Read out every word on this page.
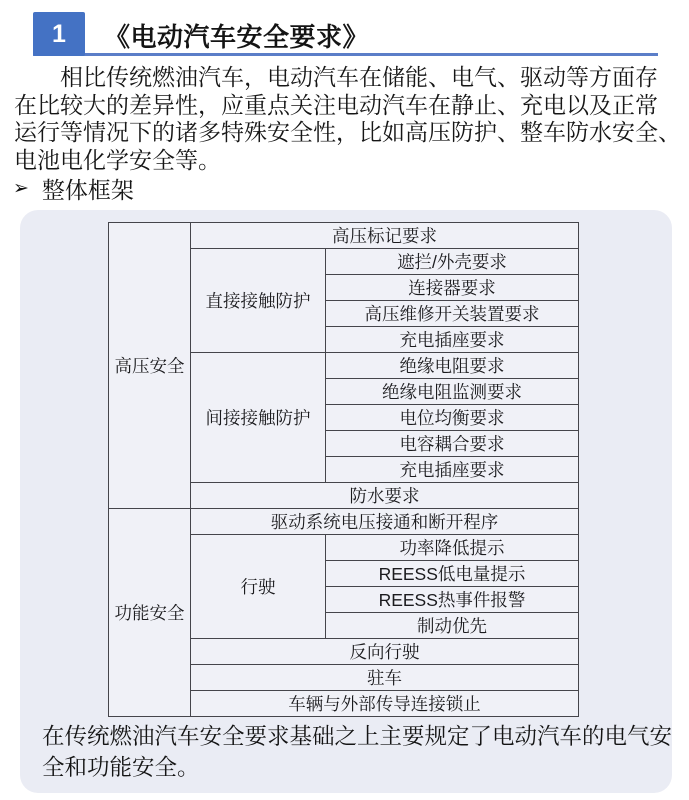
1 《电动汽车安全要求》
相比传统燃油汽车，电动汽车在储能、电气、驱动等方面存
在比较大的差异性，应重点关注电动汽车在静止、充电以及正常
运行等情况下的诸多特殊安全性，比如高压防护、整车防水安全、
电池电化学安全等。
➢ 整体框架
高压安全	高压标记要求	
	直接接触防护	遮拦/外壳要求
		连接器要求
		高压维修开关装置要求
		充电插座要求
	间接接触防护	绝缘电阻要求
		绝缘电阻监测要求
		电位均衡要求
		电容耦合要求
		充电插座要求
	防水要求	
功能安全	驱动系统电压接通和断开程序	
	行驶	功率降低提示
		REESS低电量提示
		REESS热事件报警
		制动优先
	反向行驶	
	驻车	
	车辆与外部传导连接锁止	
在传统燃油汽车安全要求基础之上主要规定了电动汽车的电气安
全和功能安全。
